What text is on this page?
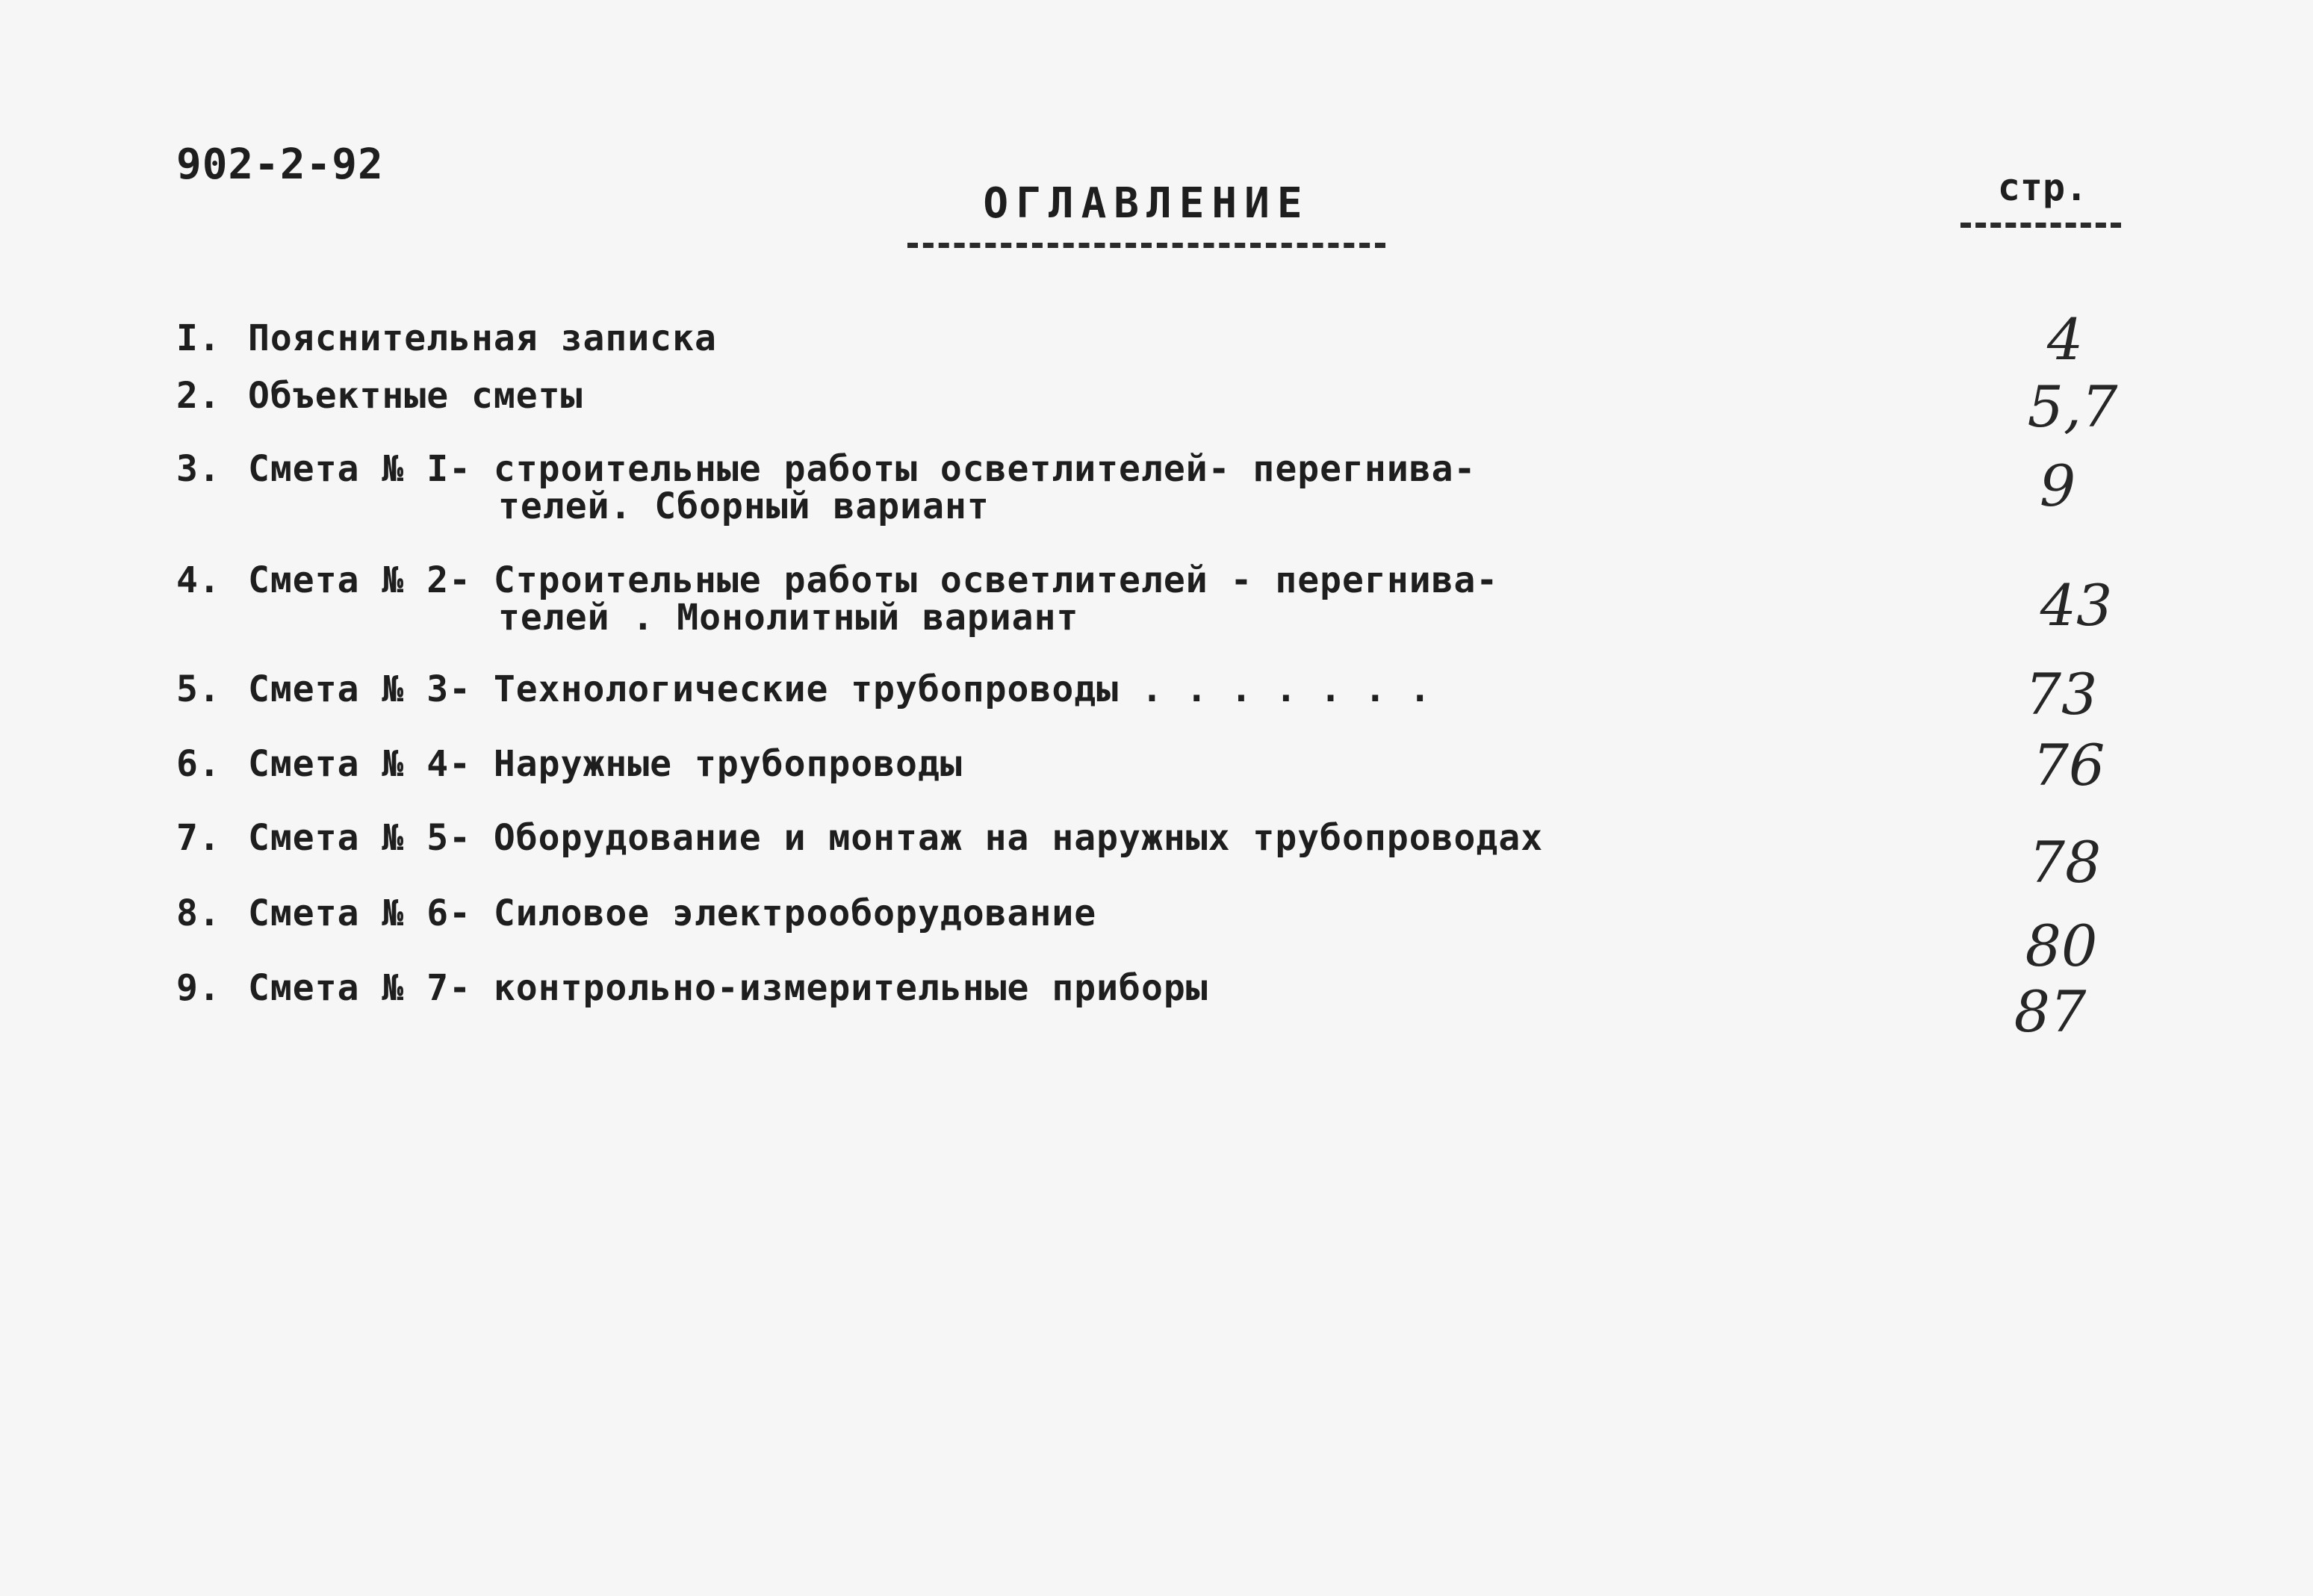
902-2-92
ОГЛАВЛЕНИЕ	стр.
I. Пояснительная записка	4
2. Объектные сметы	5,7
3. Смета № I- строительные работы осветлителей- перегнива-
телей. Сборный вариант	9
4. Смета № 2- Строительные работы осветлителей - перегнива-
телей . Монолитный вариант	43
5. Смета № 3- Технологические трубопроводы . . . . . . .	73
6. Смета № 4- Наружные трубопроводы	76
7. Смета № 5- Оборудование и монтаж на наружных трубопроводах	78
8. Смета № 6- Силовое электрооборудование	80
9. Смета № 7- контрольно-измерительные приборы	87
